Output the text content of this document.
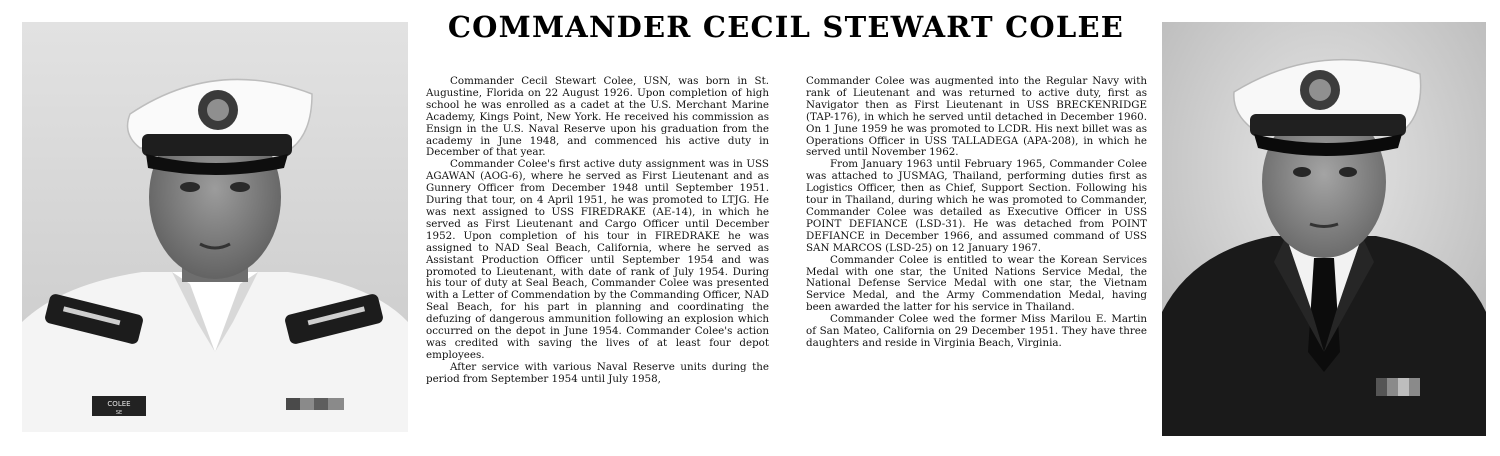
COLEE
SE
COMMANDER CECIL STEWART COLEE

Commander Cecil Stewart Colee, USN, was born in St. Augustine, Florida on 22 August 1926. Upon completion of high school he was enrolled as a cadet at the U.S. Merchant Marine Academy, Kings Point, New York. He received his commission as Ensign in the U.S. Naval Reserve upon his graduation from the academy in June 1948, and commenced his active duty in December of that year.

Commander Colee's first active duty assignment was in USS AGAWAN (AOG-6), where he served as First Lieutenant and as Gunnery Officer from December 1948 until September 1951. During that tour, on 4 April 1951, he was promoted to LTJG. He was next assigned to USS FIREDRAKE (AE-14), in which he served as First Lieutenant and Cargo Officer until December 1952. Upon completion of his tour in FIREDRAKE he was assigned to NAD Seal Beach, California, where he served as Assistant Production Officer until September 1954 and was promoted to Lieutenant, with date of rank of July 1954. During his tour of duty at Seal Beach, Commander Colee was presented with a Letter of Commendation by the Commanding Officer, NAD Seal Beach, for his part in planning and coordinating the defuzing of dangerous ammunition following an explosion which occurred on the depot in June 1954. Commander Colee's action was credited with saving the lives of at least four depot employees.

After service with various Naval Reserve units during the period from September 1954 until July 1958,

Commander Colee was augmented into the Regular Navy with rank of Lieutenant and was returned to active duty, first as Navigator then as First Lieutenant in USS BRECKENRIDGE (TAP-176), in which he served until detached in December 1960. On 1 June 1959 he was promoted to LCDR. His next billet was as Operations Officer in USS TALLADEGA (APA-208), in which he served until November 1962.

From January 1963 until February 1965, Commander Colee was attached to JUSMAG, Thailand, performing duties first as Logistics Officer, then as Chief, Support Section. Following his tour in Thailand, during which he was promoted to Commander, Commander Colee was detailed as Executive Officer in USS POINT DEFIANCE (LSD-31). He was detached from POINT DEFIANCE in December 1966, and assumed command of USS SAN MARCOS (LSD-25) on 12 January 1967.

Commander Colee is entitled to wear the Korean Services Medal with one star, the United Nations Service Medal, the National Defense Service Medal with one star, the Vietnam Service Medal, and the Army Commendation Medal, having been awarded the latter for his service in Thailand.

Commander Colee wed the former Miss Marilou E. Martin of San Mateo, California on 29 December 1951. They have three daughters and reside in Virginia Beach, Virginia.
